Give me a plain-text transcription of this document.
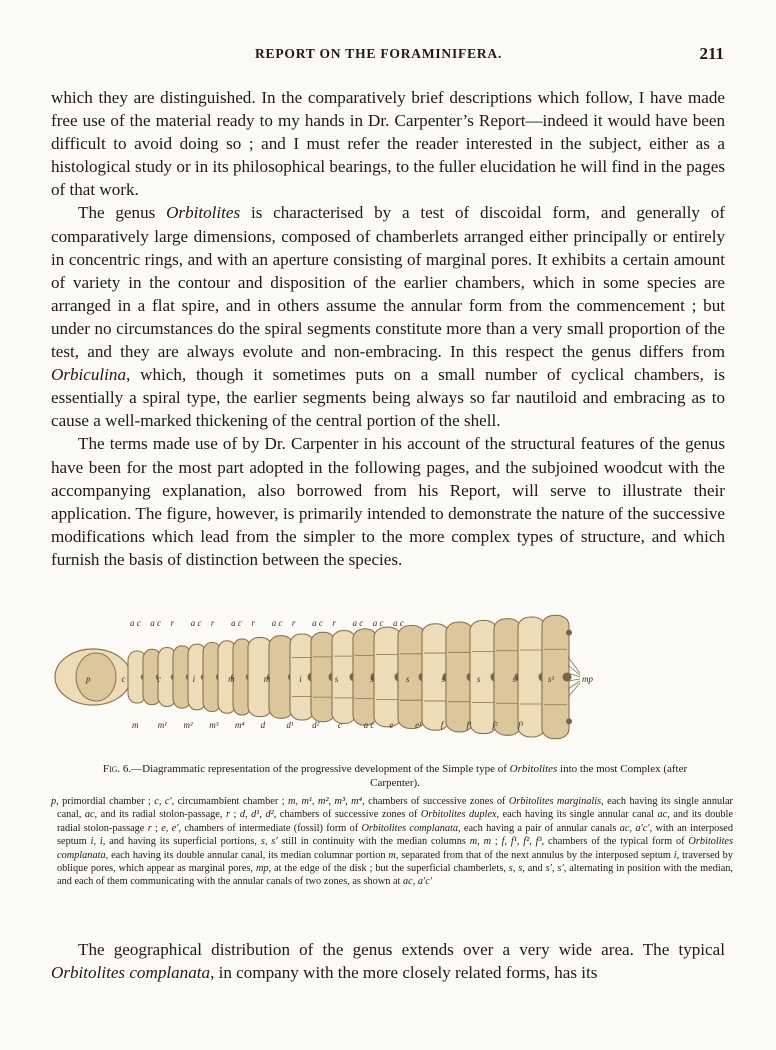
REPORT ON THE FORAMINIFERA.	211

which they are distinguished. In the comparatively brief descriptions which follow, I have made free use of the material ready to my hands in Dr. Carpenter’s Report—indeed it would have been difficult to avoid doing so ; and I must refer the reader interested in the subject, either as a histological study or in its philosophical bearings, to the fuller elucidation he will find in the pages of that work.

The genus Orbitolites is characterised by a test of discoidal form, and generally of comparatively large dimensions, composed of chamberlets arranged either principally or entirely in concentric rings, and with an aperture consisting of marginal pores. It exhibits a certain amount of variety in the contour and disposition of the earlier chambers, which in some species are arranged in a flat spire, and in others assume the annular form from the commencement ; but under no circumstances do the spiral segments constitute more than a very small proportion of the test, and they are always evolute and non-embracing. In this respect the genus differs from Orbiculina, which, though it sometimes puts on a small number of cyclical chambers, is essentially a spiral type, the earlier segments being always so far nautiloid and embracing as to cause a well-marked thickening of the central portion of the shell.

The terms made use of by Dr. Carpenter in his account of the structural features of the genus have been for the most part adopted in the following pages, and the subjoined woodcut with the accompanying explanation, also borrowed from his Report, will serve to illustrate their application. The figure, however, is primarily intended to demonstrate the nature of the successive modifications which lead from the simpler to the more complex types of structure, and which furnish the basis of distinction between the species.

a c a c r a c r a c r a c r a c r a c a c a c
m m¹ m² m³ m⁴ d d¹ d² c a c e e¹ f	f¹ f² f³
p	c	c	i	m	m	i	s	s	s	s	s	s¹	s¹	mp
Fig. 6.—Diagrammatic representation of the progressive development of the Simple type of Orbitolites into the most Complex (after Carpenter).
p, primordial chamber ; c, c′, circumambient chamber ; m, m¹, m², m³, m⁴, chambers of successive zones of Orbitolites marginalis, each having its single annular canal, ac, and its radial stolon-passage, r ; d, d¹, d², chambers of successive zones of Orbitolites duplex, each having its single annular canal ac, and its double radial stolon-passage r ; e, e′, chambers of intermediate (fossil) form of Orbitolites complanata, each having a pair of annular canals ac, a′c′, with an interposed septum i, i, and having its superficial portions, s, s′ still in continuity with the median columns m, m ; f, f¹, f², f³, chambers of the typical form of Orbitolites complanata, each having its double annular canal, its median columnar portion m, separated from that of the next annulus by the interposed septum i, traversed by oblique pores, which appear as marginal pores, mp, at the edge of the disk ; but the superficial chamberlets, s, s, and s′, s′, alternating in position with the median, and each of them communicating with the annular canals of two zones, as shown at ac, a′c′

The geographical distribution of the genus extends over a very wide area. The typical Orbitolites complanata, in company with the more closely related forms, has its
